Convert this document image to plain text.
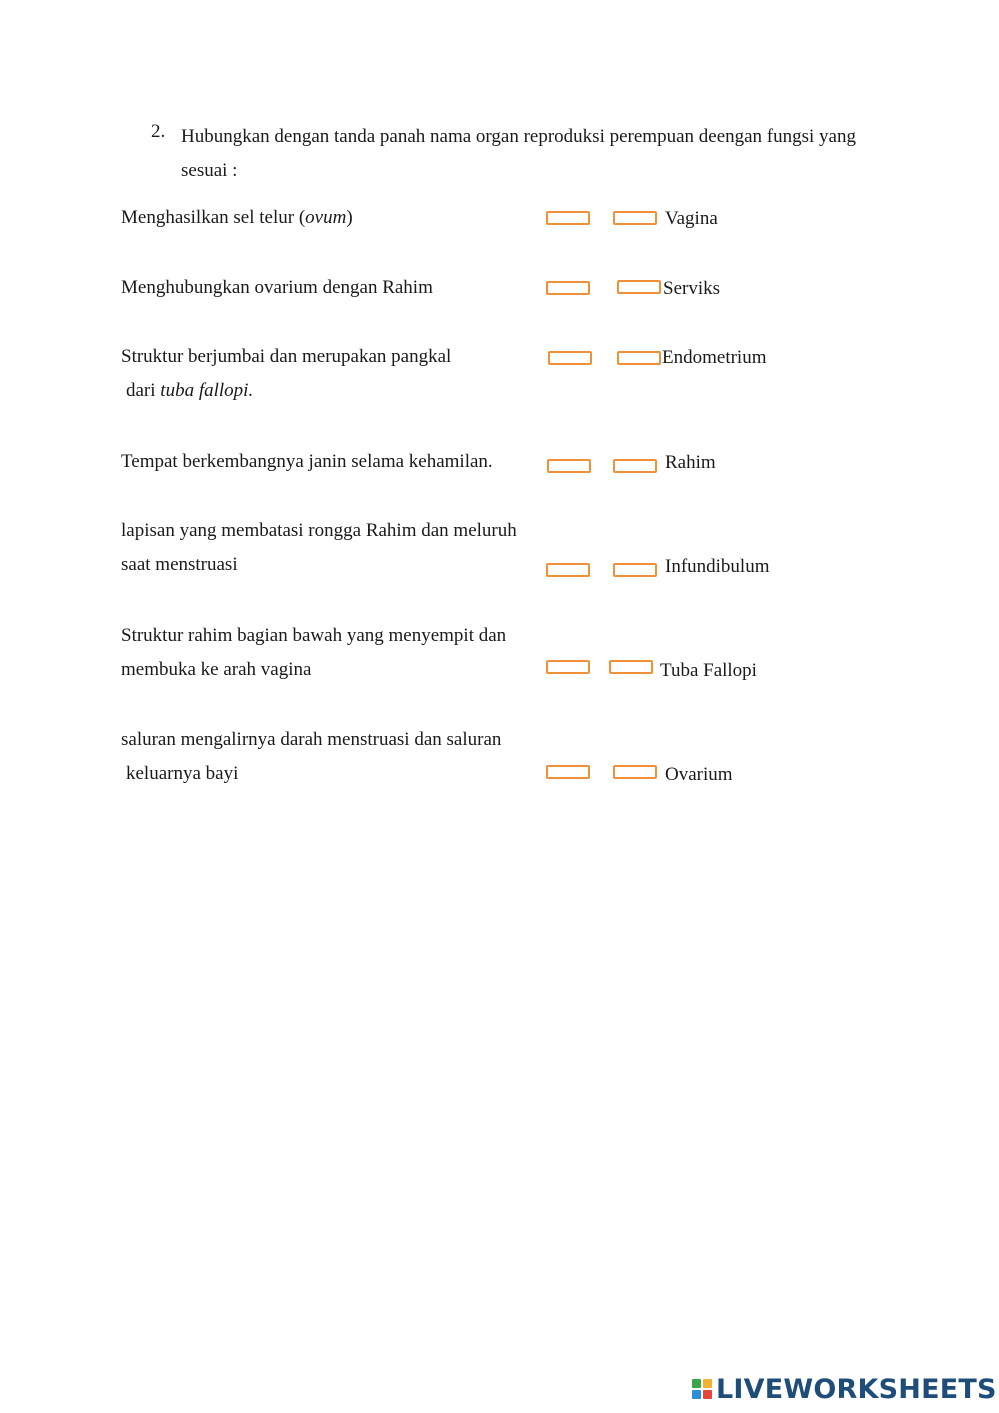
2. Hubungkan dengan tanda panah nama organ reproduksi perempuan deengan fungsi yang sesuai :
Menghasilkan sel telur (ovum)
Menghubungkan ovarium dengan Rahim
Struktur berjumbai dan merupakan pangkal
dari tuba fallopi.
Tempat berkembangnya janin selama kehamilan.
lapisan yang membatasi rongga Rahim dan meluruh
saat menstruasi
Struktur rahim bagian bawah yang menyempit dan
membuka ke arah vagina
saluran mengalirnya darah menstruasi dan saluran
keluarnya bayi
Vagina
Serviks
Endometrium
Rahim
Infundibulum
Tuba Fallopi
Ovarium
LIVEWORKSHEETS
